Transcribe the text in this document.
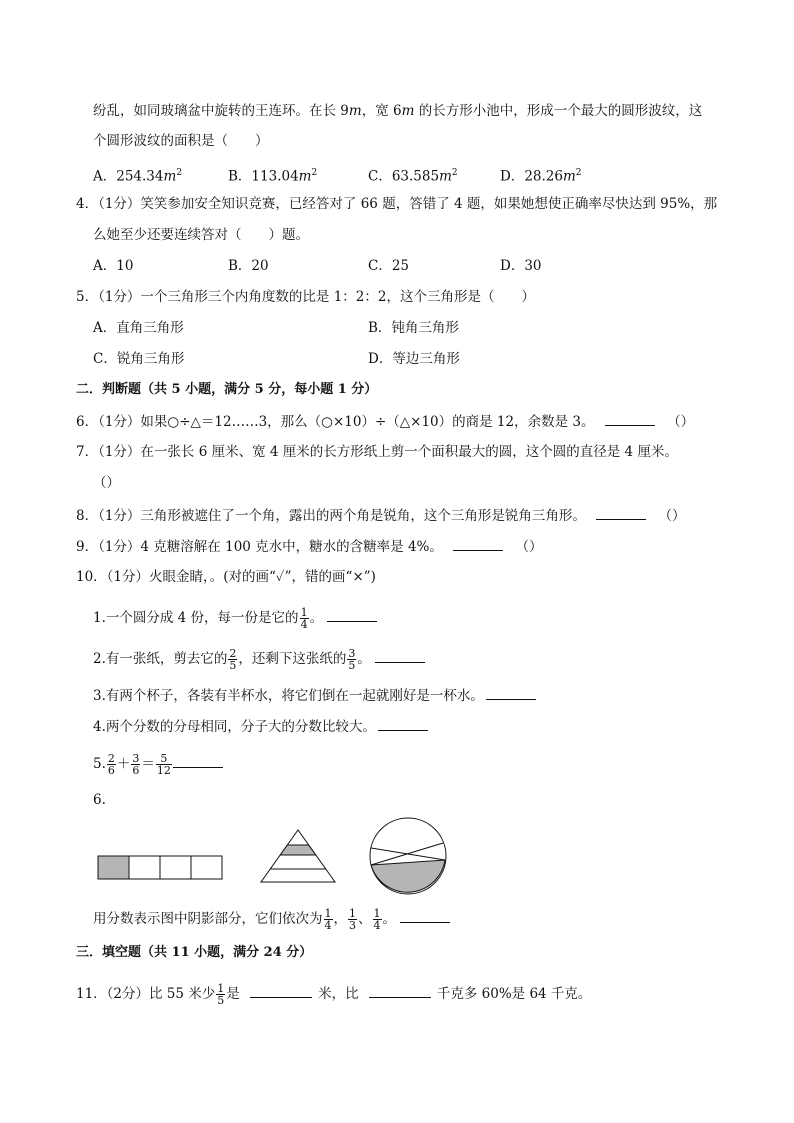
纷乱，如同玻璃盆中旋转的王连环。在长 9m，宽 6m 的长方形小池中，形成一个最大的圆形波纹，这
个圆形波纹的面积是（　　）
A．$254.34m^2$	B．$113.04m^2$	C．$63.585m^2$	D．$28.26m^2$
4．（1分）笑笑参加安全知识竞赛，已经答对了 66 题，答错了 4 题，如果她想使正确率尽快达到 95%，那
么她至少还要连续答对（　　）题。
A．10	B．20	C．25	D．30
5．（1分）一个三角形三个内角度数的比是 1：2：2，这个三角形是（　　）
A．直角三角形	B．钝角三角形
C．锐角三角形	D．等边三角形
二．判断题（共 5 小题，满分 5 分，每小题 1 分）
6．（1分）如果○÷△＝12……3，那么（○×10）÷（△×10）的商是 12，余数是 3。	（）
7．（1分）在一张长 6 厘米、宽 4 厘米的长方形纸上剪一个面积最大的圆，这个圆的直径是 4 厘米。
（）
8．（1分）三角形被遮住了一个角，露出的两个角是锐角，这个三角形是锐角三角形。	（）
9．（1分）4 克糖溶解在 100 克水中，糖水的含糖率是 4%。	（）
10．（1分）火眼金睛，。(对的画“✓”，错的画“×”)
1.一个圆分成 4 份，每一份是它的 $\frac{1}{4}$ 。
2.有一张纸，剪去它的 $\frac{2}{5}$ ，还剩下这张纸的 $\frac{3}{5}$ 。
3.有两个杯子，各装有半杯水，将它们倒在一起就刚好是一杯水。
4.两个分数的分母相同，分子大的分数比较大。
5. $\frac{2}{6} + \frac{3}{6} = \frac{5}{12}$
6.
用分数表示图中阴影部分，它们依次为 $\frac{1}{4}$ ， $\frac{1}{3}$ 、 $\frac{1}{4}$ 。
三．填空题（共 11 小题，满分 24 分）
11．（2分）比 55 米少 $\frac{1}{5}$ 是	米，比	千克多 60%是 64 千克。
